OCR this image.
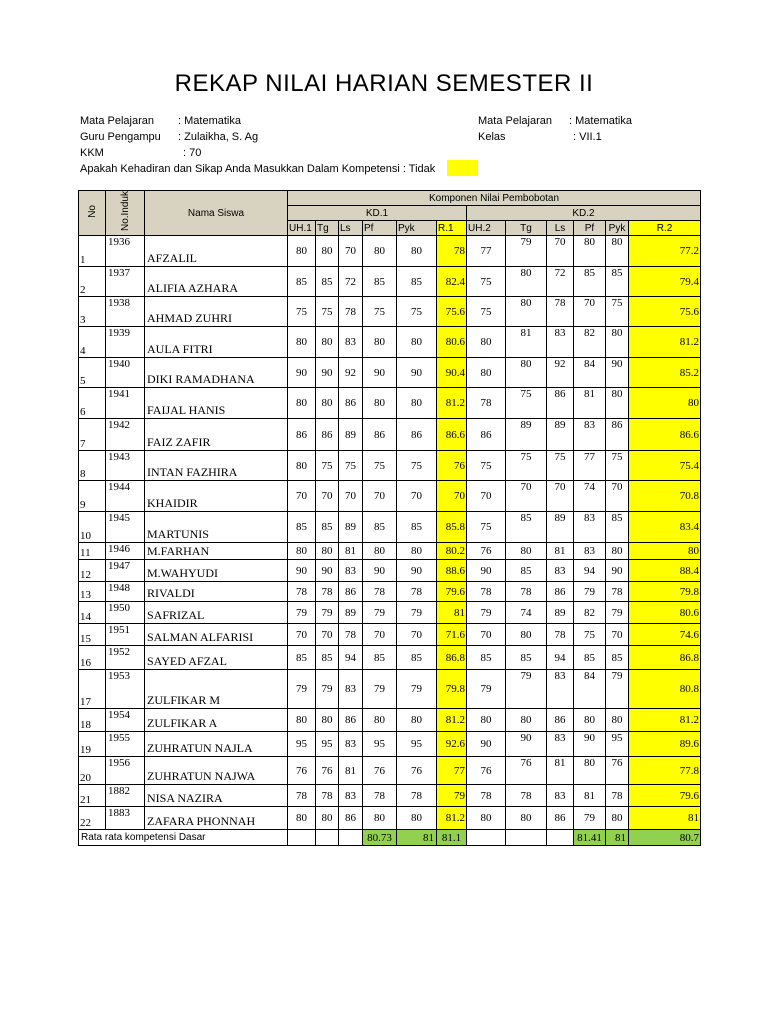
REKAP NILAI HARIAN SEMESTER II
Mata Pelajaran : Matematika
Guru Pengampu : Zulaikha, S. Ag
KKM	: 70
Apakah Kehadiran dan Sikap Anda Masukkan Dalam Kompetensi : Tidak
Mata Pelajaran : Matematika
Kelas	: VII.1
No	No.Induk	Nama Siswa	Komponen Nilai Pembobotan											
			KD.1						KD.2					
			UH.1	Tg	Ls	Pf	Pyk	R.1	UH.2	Tg	Ls	Pf	Pyk	R.2
1	1936	AFZALIL	80	80	70	80	80	78	77	79	70	80	80	77.2
2	1937	ALIFIA AZHARA	85	85	72	85	85	82.4	75	80	72	85	85	79.4
3	1938	AHMAD ZUHRI	75	75	78	75	75	75.6	75	80	78	70	75	75.6
4	1939	AULA FITRI	80	80	83	80	80	80.6	80	81	83	82	80	81.2
5	1940	DIKI RAMADHANA	90	90	92	90	90	90.4	80	80	92	84	90	85.2
6	1941	FAIJAL HANIS	80	80	86	80	80	81.2	78	75	86	81	80	80
7	1942	FAIZ ZAFIR	86	86	89	86	86	86.6	86	89	89	83	86	86.6
8	1943	INTAN FAZHIRA	80	75	75	75	75	76	75	75	75	77	75	75.4
9	1944	KHAIDIR	70	70	70	70	70	70	70	70	70	74	70	70.8
10	1945	MARTUNIS	85	85	89	85	85	85.8	75	85	89	83	85	83.4
11	1946	M.FARHAN	80	80	81	80	80	80.2	76	80	81	83	80	80
12	1947	M.WAHYUDI	90	90	83	90	90	88.6	90	85	83	94	90	88.4
13	1948	RIVALDI	78	78	86	78	78	79.6	78	78	86	79	78	79.8
14	1950	SAFRIZAL	79	79	89	79	79	81	79	74	89	82	79	80.6
15	1951	SALMAN ALFARISI	70	70	78	70	70	71.6	70	80	78	75	70	74.6
16	1952	SAYED AFZAL	85	85	94	85	85	86.8	85	85	94	85	85	86.8
17	1953	ZULFIKAR M	79	79	83	79	79	79.8	79	79	83	84	79	80.8
18	1954	ZULFIKAR A	80	80	86	80	80	81.2	80	80	86	80	80	81.2
19	1955	ZUHRATUN NAJLA	95	95	83	95	95	92.6	90	90	83	90	95	89.6
20	1956	ZUHRATUN NAJWA	76	76	81	76	76	77	76	76	81	80	76	77.8
21	1882	NISA NAZIRA	78	78	83	78	78	79	78	78	83	81	78	79.6
22	1883	ZAFARA PHONNAH	80	80	86	80	80	81.2	80	80	86	79	80	81
Rata rata kompetensi Dasar						80.73	81	81.1				81.41	81	80.7
